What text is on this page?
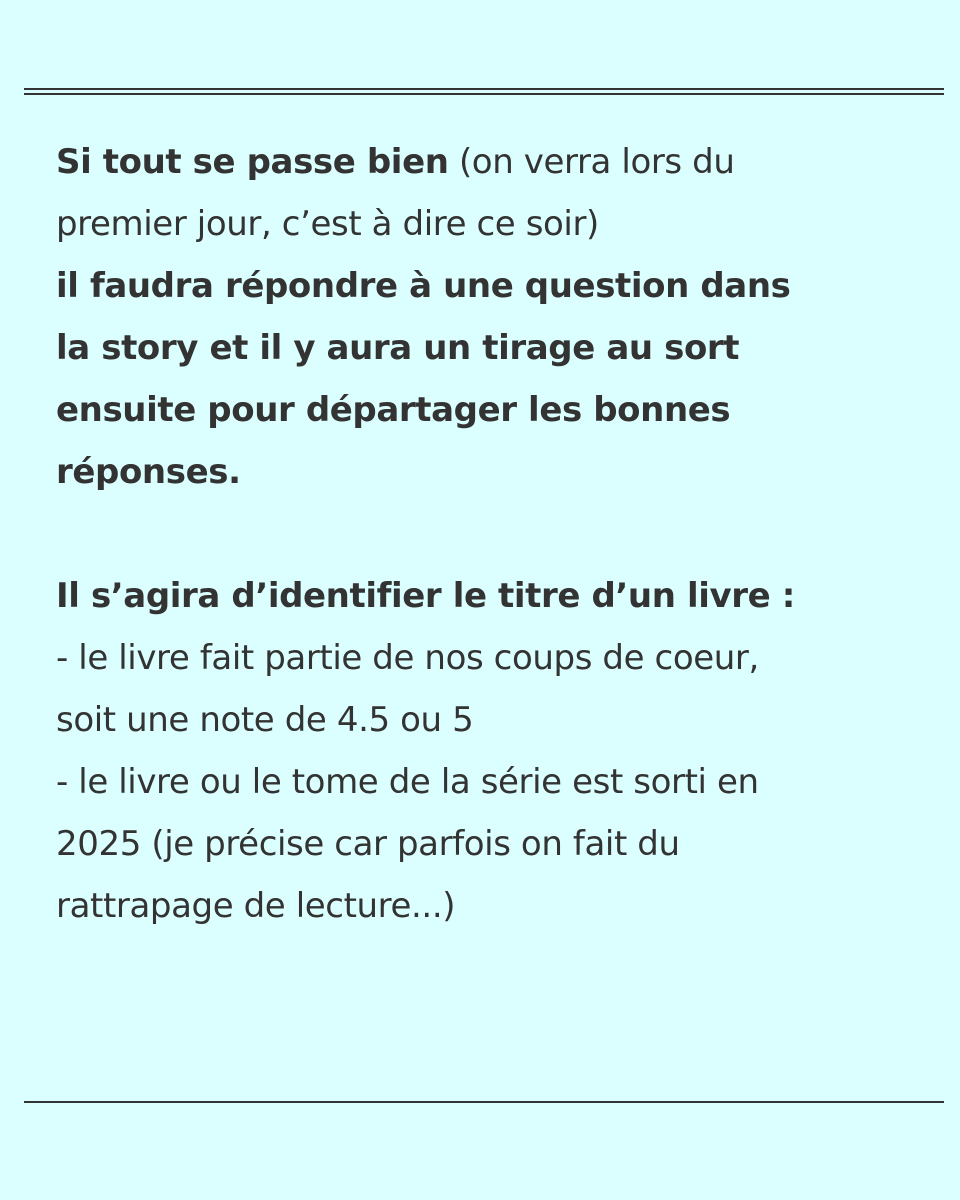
Si tout se passe bien (on verra lors du
premier jour, c’est à dire ce soir)
il faudra répondre à une question dans
la story et il y aura un tirage au sort
ensuite pour départager les bonnes
réponses.
Il s’agira d’identifier le titre d’un livre :
- le livre fait partie de nos coups de coeur,
soit une note de 4.5 ou 5
- le livre ou le tome de la série est sorti en
2025 (je précise car parfois on fait du
rattrapage de lecture...)
